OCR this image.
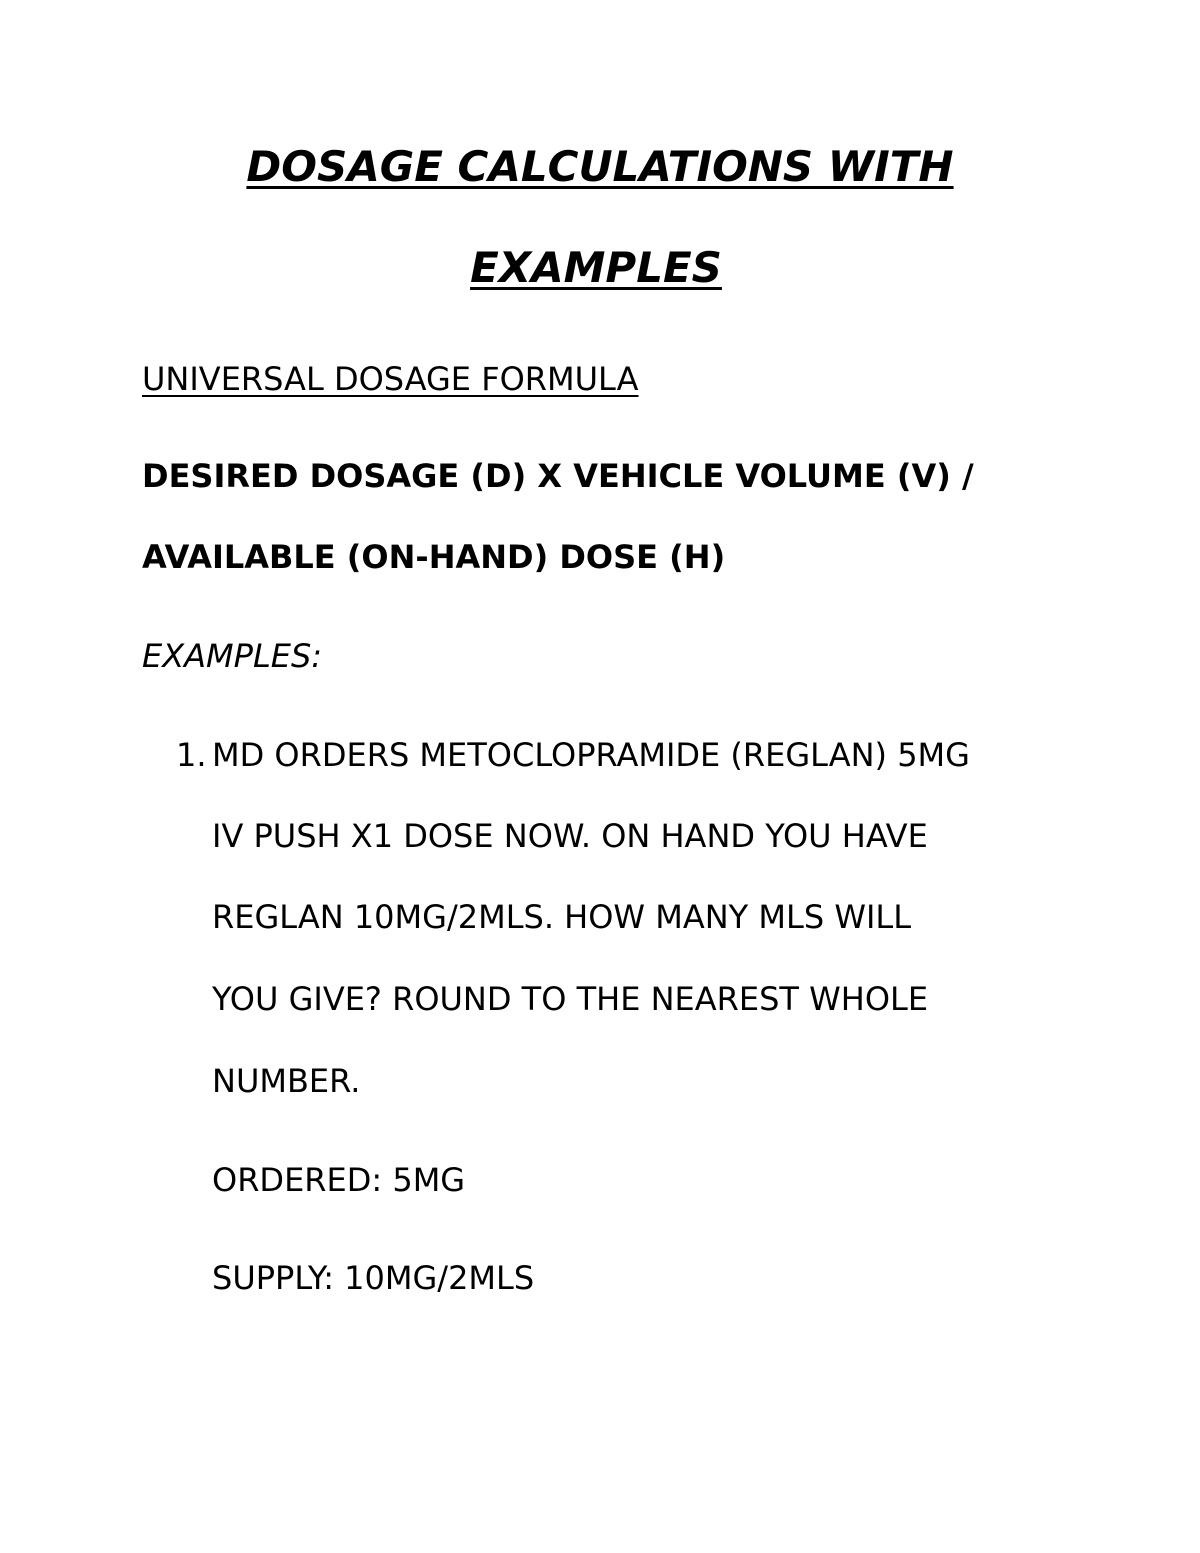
DOSAGE CALCULATIONS WITH
EXAMPLES
UNIVERSAL DOSAGE FORMULA
DESIRED DOSAGE (D) X VEHICLE VOLUME (V) /
AVAILABLE (ON-HAND) DOSE (H)
EXAMPLES:
1. MD ORDERS METOCLOPRAMIDE (REGLAN) 5MG
IV PUSH X1 DOSE NOW. ON HAND YOU HAVE
REGLAN 10MG/2MLS. HOW MANY MLS WILL
YOU GIVE? ROUND TO THE NEAREST WHOLE
NUMBER.
ORDERED: 5MG
SUPPLY: 10MG/2MLS
